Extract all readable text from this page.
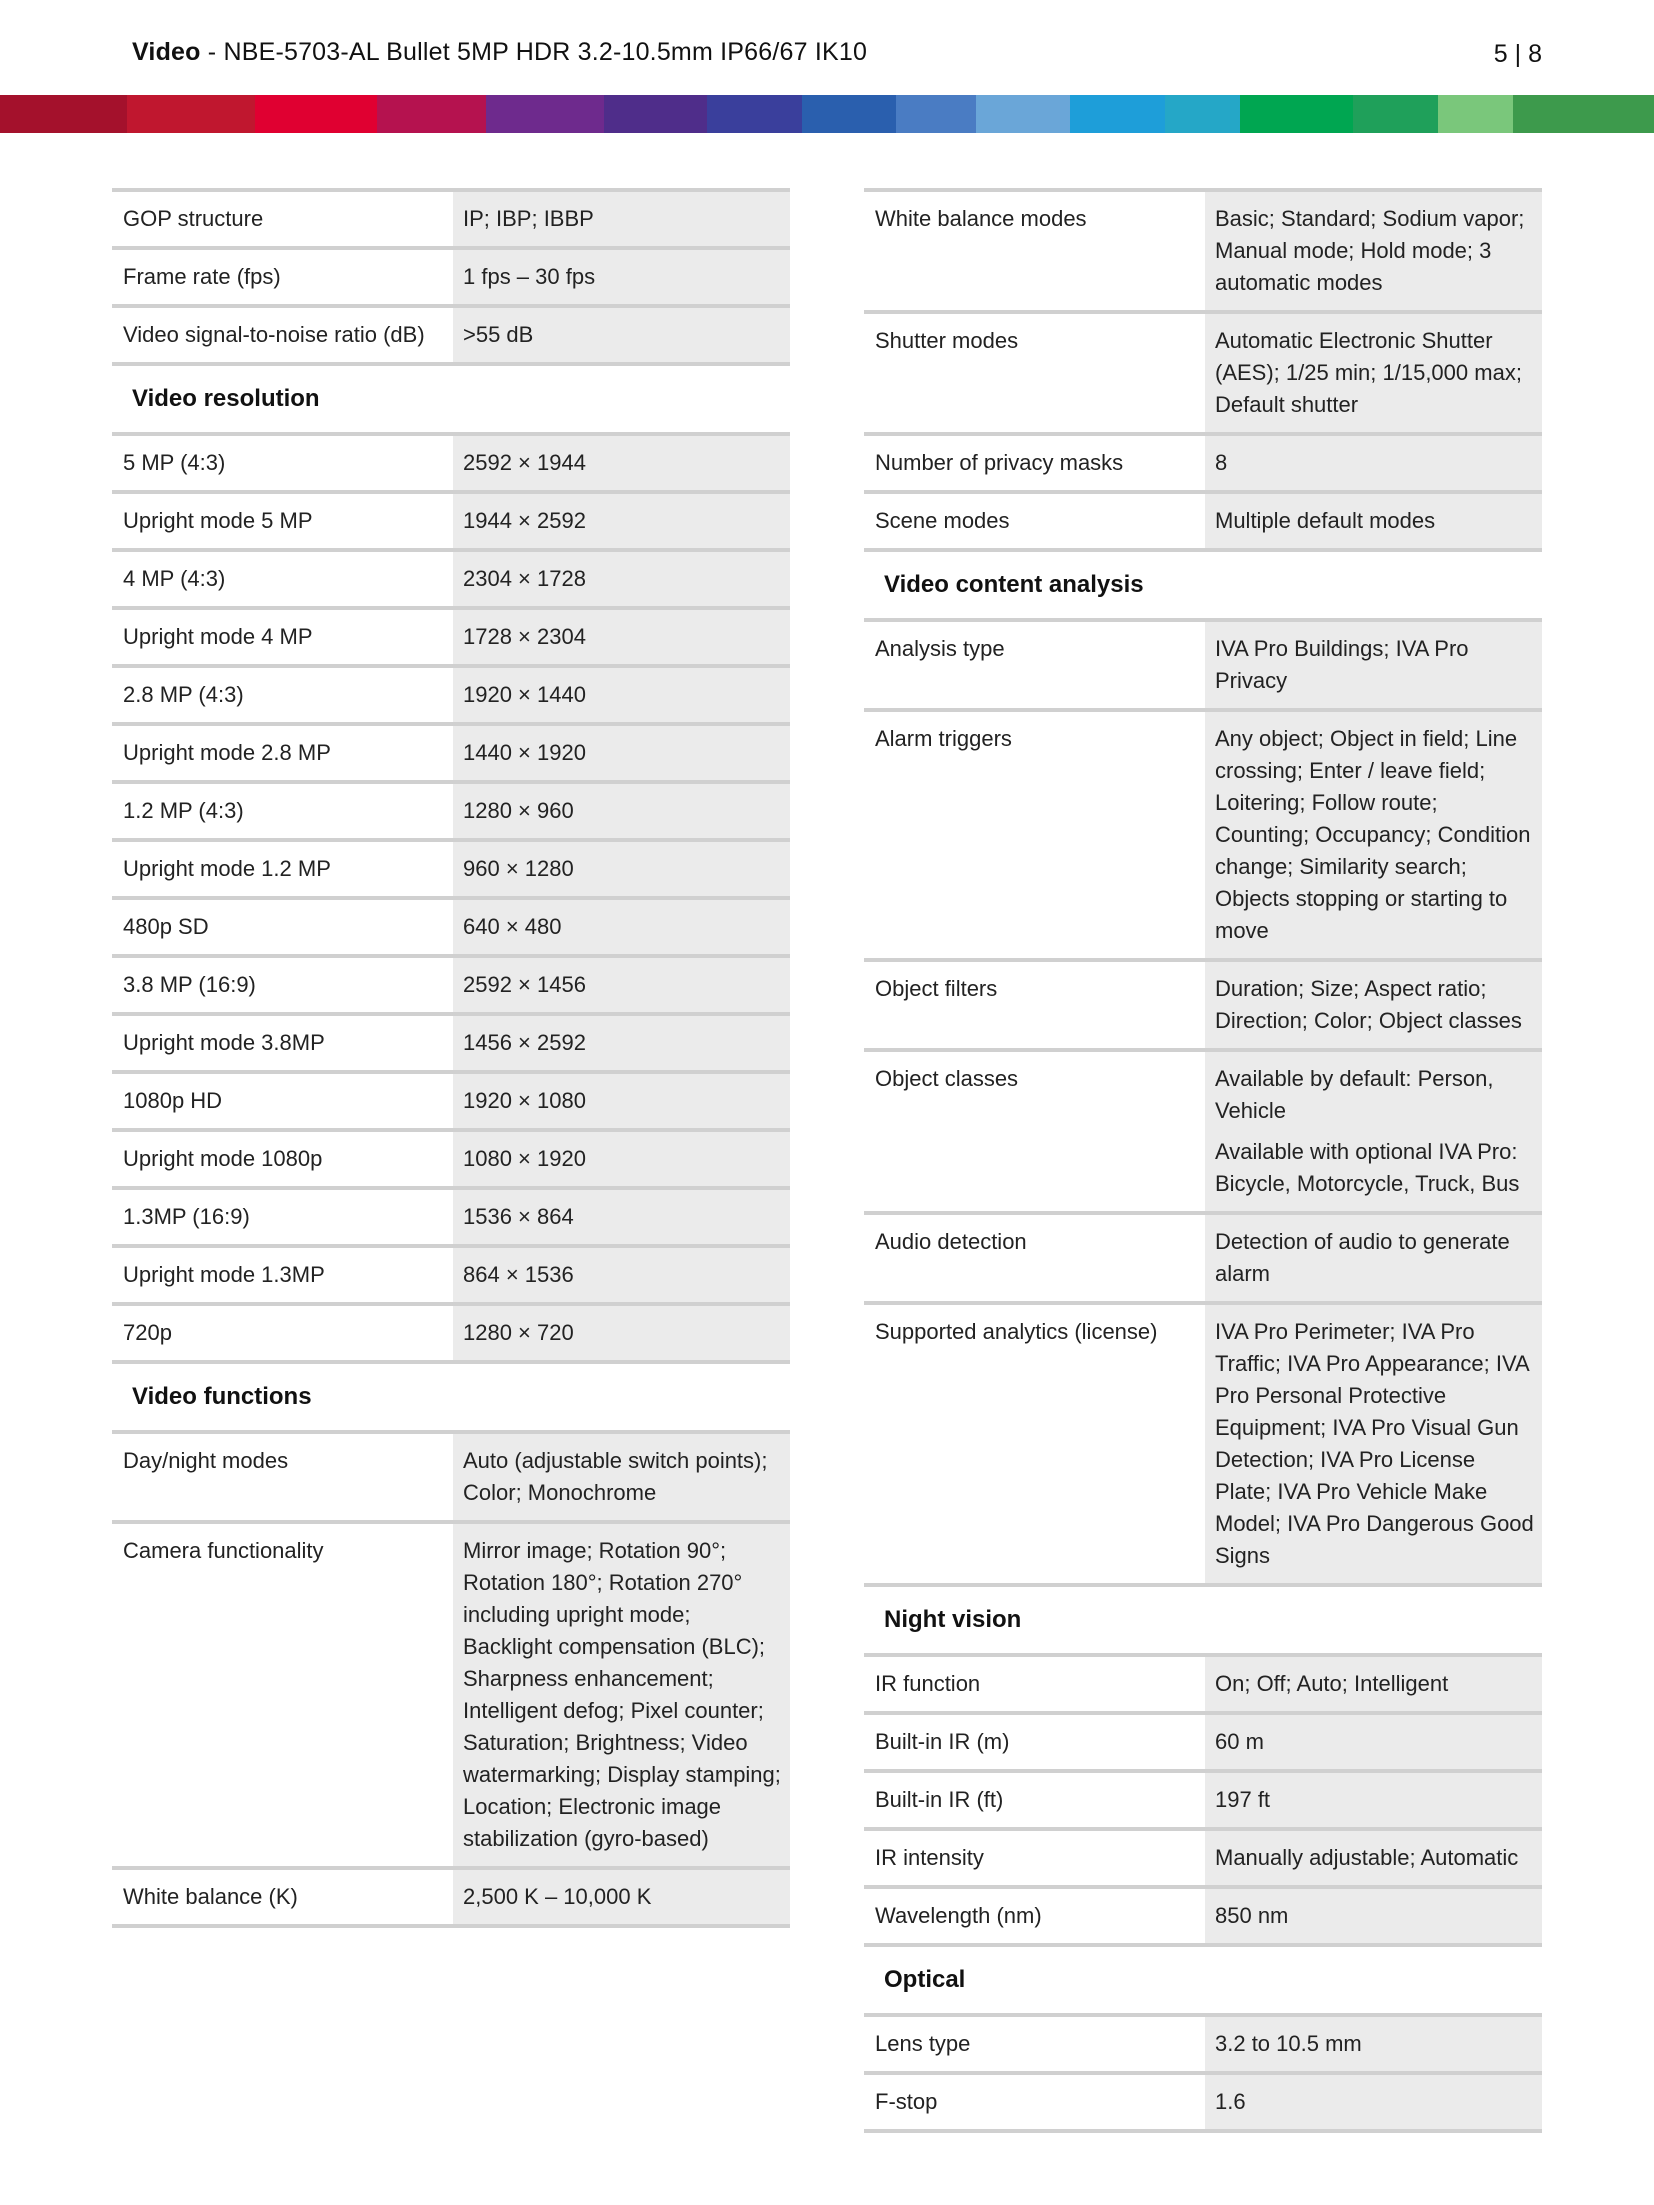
Video - NBE-5703-AL Bullet 5MP HDR 3.2-10.5mm IP66/67 IK10	5 | 8
GOP structure	IP; IBP; IBBP

Frame rate (fps)	1 fps – 30 fps

Video signal-to-noise ratio (dB)	>55 dB

Video resolution
5 MP (4:3)	2592 × 1944

Upright mode 5 MP	1944 × 2592

4 MP (4:3)	2304 × 1728

Upright mode 4 MP	1728 × 2304

2.8 MP (4:3)	1920 × 1440

Upright mode 2.8 MP	1440 × 1920

1.2 MP (4:3)	1280 × 960

Upright mode 1.2 MP	960 × 1280

480p SD	640 × 480

3.8 MP (16:9)	2592 × 1456

Upright mode 3.8MP	1456 × 2592

1080p HD	1920 × 1080

Upright mode 1080p	1080 × 1920

1.3MP (16:9)	1536 × 864

Upright mode 1.3MP	864 × 1536

720p	1280 × 720

Video functions
Day/night modes	Auto (adjustable switch points); Color; Monochrome

Camera functionality	Mirror image; Rotation 90°; Rotation 180°; Rotation 270° including upright mode; Backlight compensation (BLC); Sharpness enhancement; Intelligent defog; Pixel counter; Saturation; Brightness; Video watermarking; Display stamping; Location; Electronic image stabilization (gyro-based)

White balance (K)	2,500 K – 10,000 K

White balance modes	Basic; Standard; Sodium vapor; Manual mode; Hold mode; 3 automatic modes

Shutter modes	Automatic Electronic Shutter (AES); 1/25 min; 1/15,000 max; Default shutter

Number of privacy masks	8

Scene modes	Multiple default modes

Video content analysis
Analysis type	IVA Pro Buildings; IVA Pro Privacy

Alarm triggers	Any object; Object in field; Line crossing; Enter / leave field; Loitering; Follow route; Counting; Occupancy; Condition change; Similarity search; Objects stopping or starting to move

Object filters	Duration; Size; Aspect ratio; Direction; Color; Object classes

Object classes	Available by default: Person, Vehicle

Available with optional IVA Pro: Bicycle, Motorcycle, Truck, Bus

Audio detection	Detection of audio to generate alarm

Supported analytics (license)	IVA Pro Perimeter; IVA Pro Traffic; IVA Pro Appearance; IVA Pro Personal Protective Equipment; IVA Pro Visual Gun Detection; IVA Pro License Plate; IVA Pro Vehicle Make Model; IVA Pro Dangerous Good Signs

Night vision
IR function	On; Off; Auto; Intelligent

Built-in IR (m)	60 m

Built-in IR (ft)	197 ft

IR intensity	Manually adjustable; Automatic

Wavelength (nm)	850 nm

Optical
Lens type	3.2 to 10.5 mm

F-stop	1.6
